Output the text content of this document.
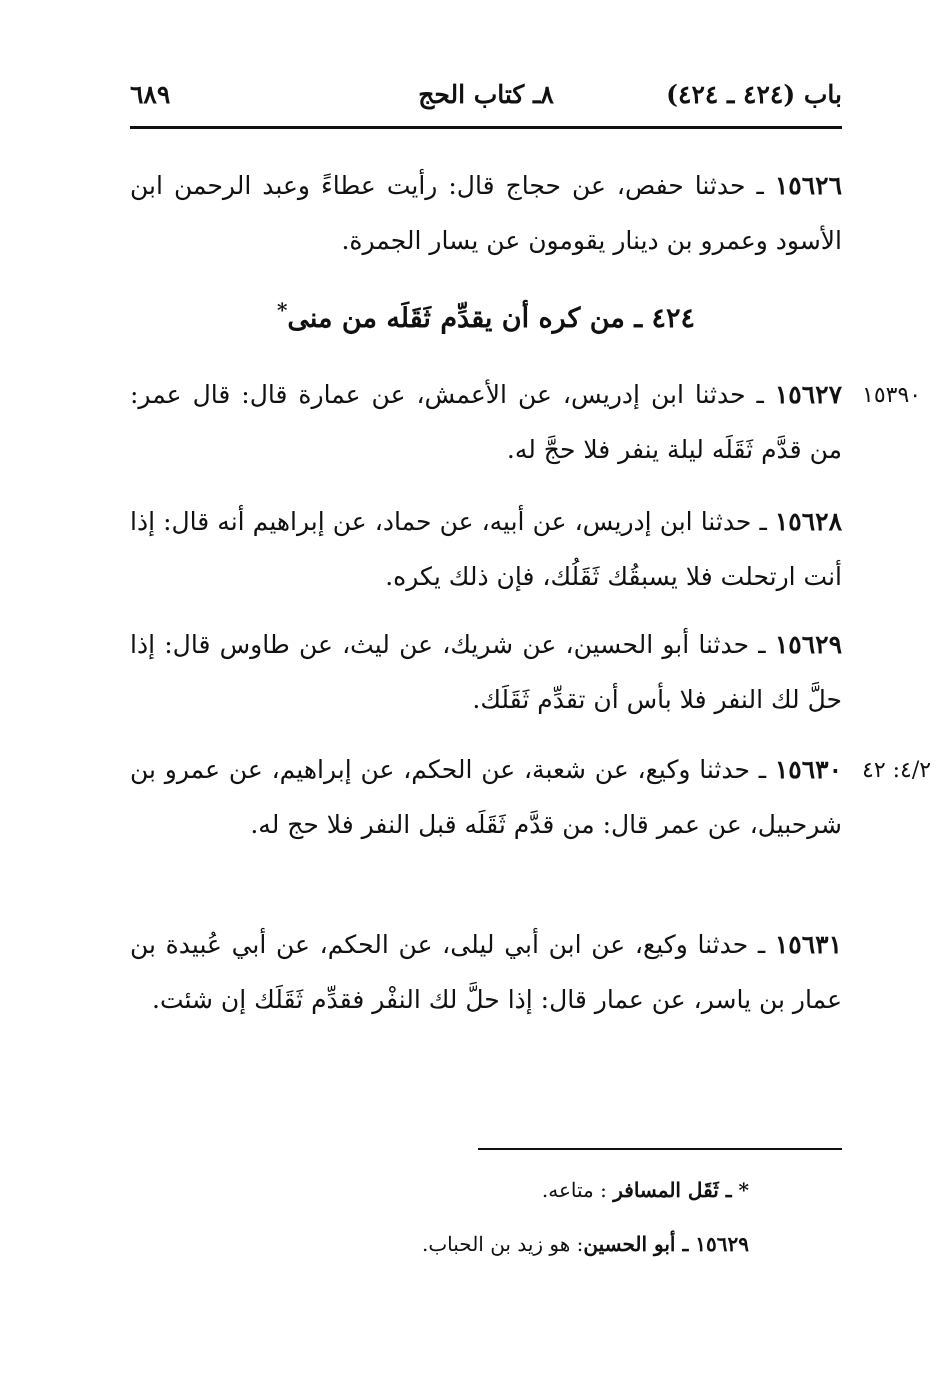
باب (٤٢٤ ـ ٤٢٤)
٨ـ كتاب الحج
٦٨٩
١٥٦٢٦ ـ حدثنا حفص، عن حجاج قال: رأيت عطاءً وعبد الرحمن ابن الأسود وعمرو بن دينار يقومون عن يسار الجمرة.
٤٢٤ ـ من كره أن يقدِّم ثَقَلَه من منى*
١٥٣٩٠
١٥٦٢٧ ـ حدثنا ابن إدريس، عن الأعمش، عن عمارة قال: قال عمر: من قدَّم ثَقَلَه ليلة ينفر فلا حجَّ له.
١٥٦٢٨ ـ حدثنا ابن إدريس، عن أبيه، عن حماد، عن إبراهيم أنه قال: إذا أنت ارتحلت فلا يسبقُك ثَقَلُك، فإن ذلك يكره.
١٥٦٢٩ ـ حدثنا أبو الحسين، عن شريك، عن ليث، عن طاوس قال: إذا حلَّ لك النفر فلا بأس أن تقدِّم ثَقَلَك.
٤/٢: ٤٢
١٥٦٣٠ ـ حدثنا وكيع، عن شعبة، عن الحكم، عن إبراهيم، عن عمرو بن شرحبيل، عن عمر قال: من قدَّم ثَقَلَه قبل النفر فلا حج له.
١٥٦٣١ ـ حدثنا وكيع، عن ابن أبي ليلى، عن الحكم، عن أبي عُبيدة بن عمار بن ياسر، عن عمار قال: إذا حلَّ لك النفْر فقدِّم ثَقَلَك إن شئت.
* ـ ثَقَل المسافر : متاعه.
١٥٦٢٩ ـ أبو الحسين: هو زيد بن الحباب.
